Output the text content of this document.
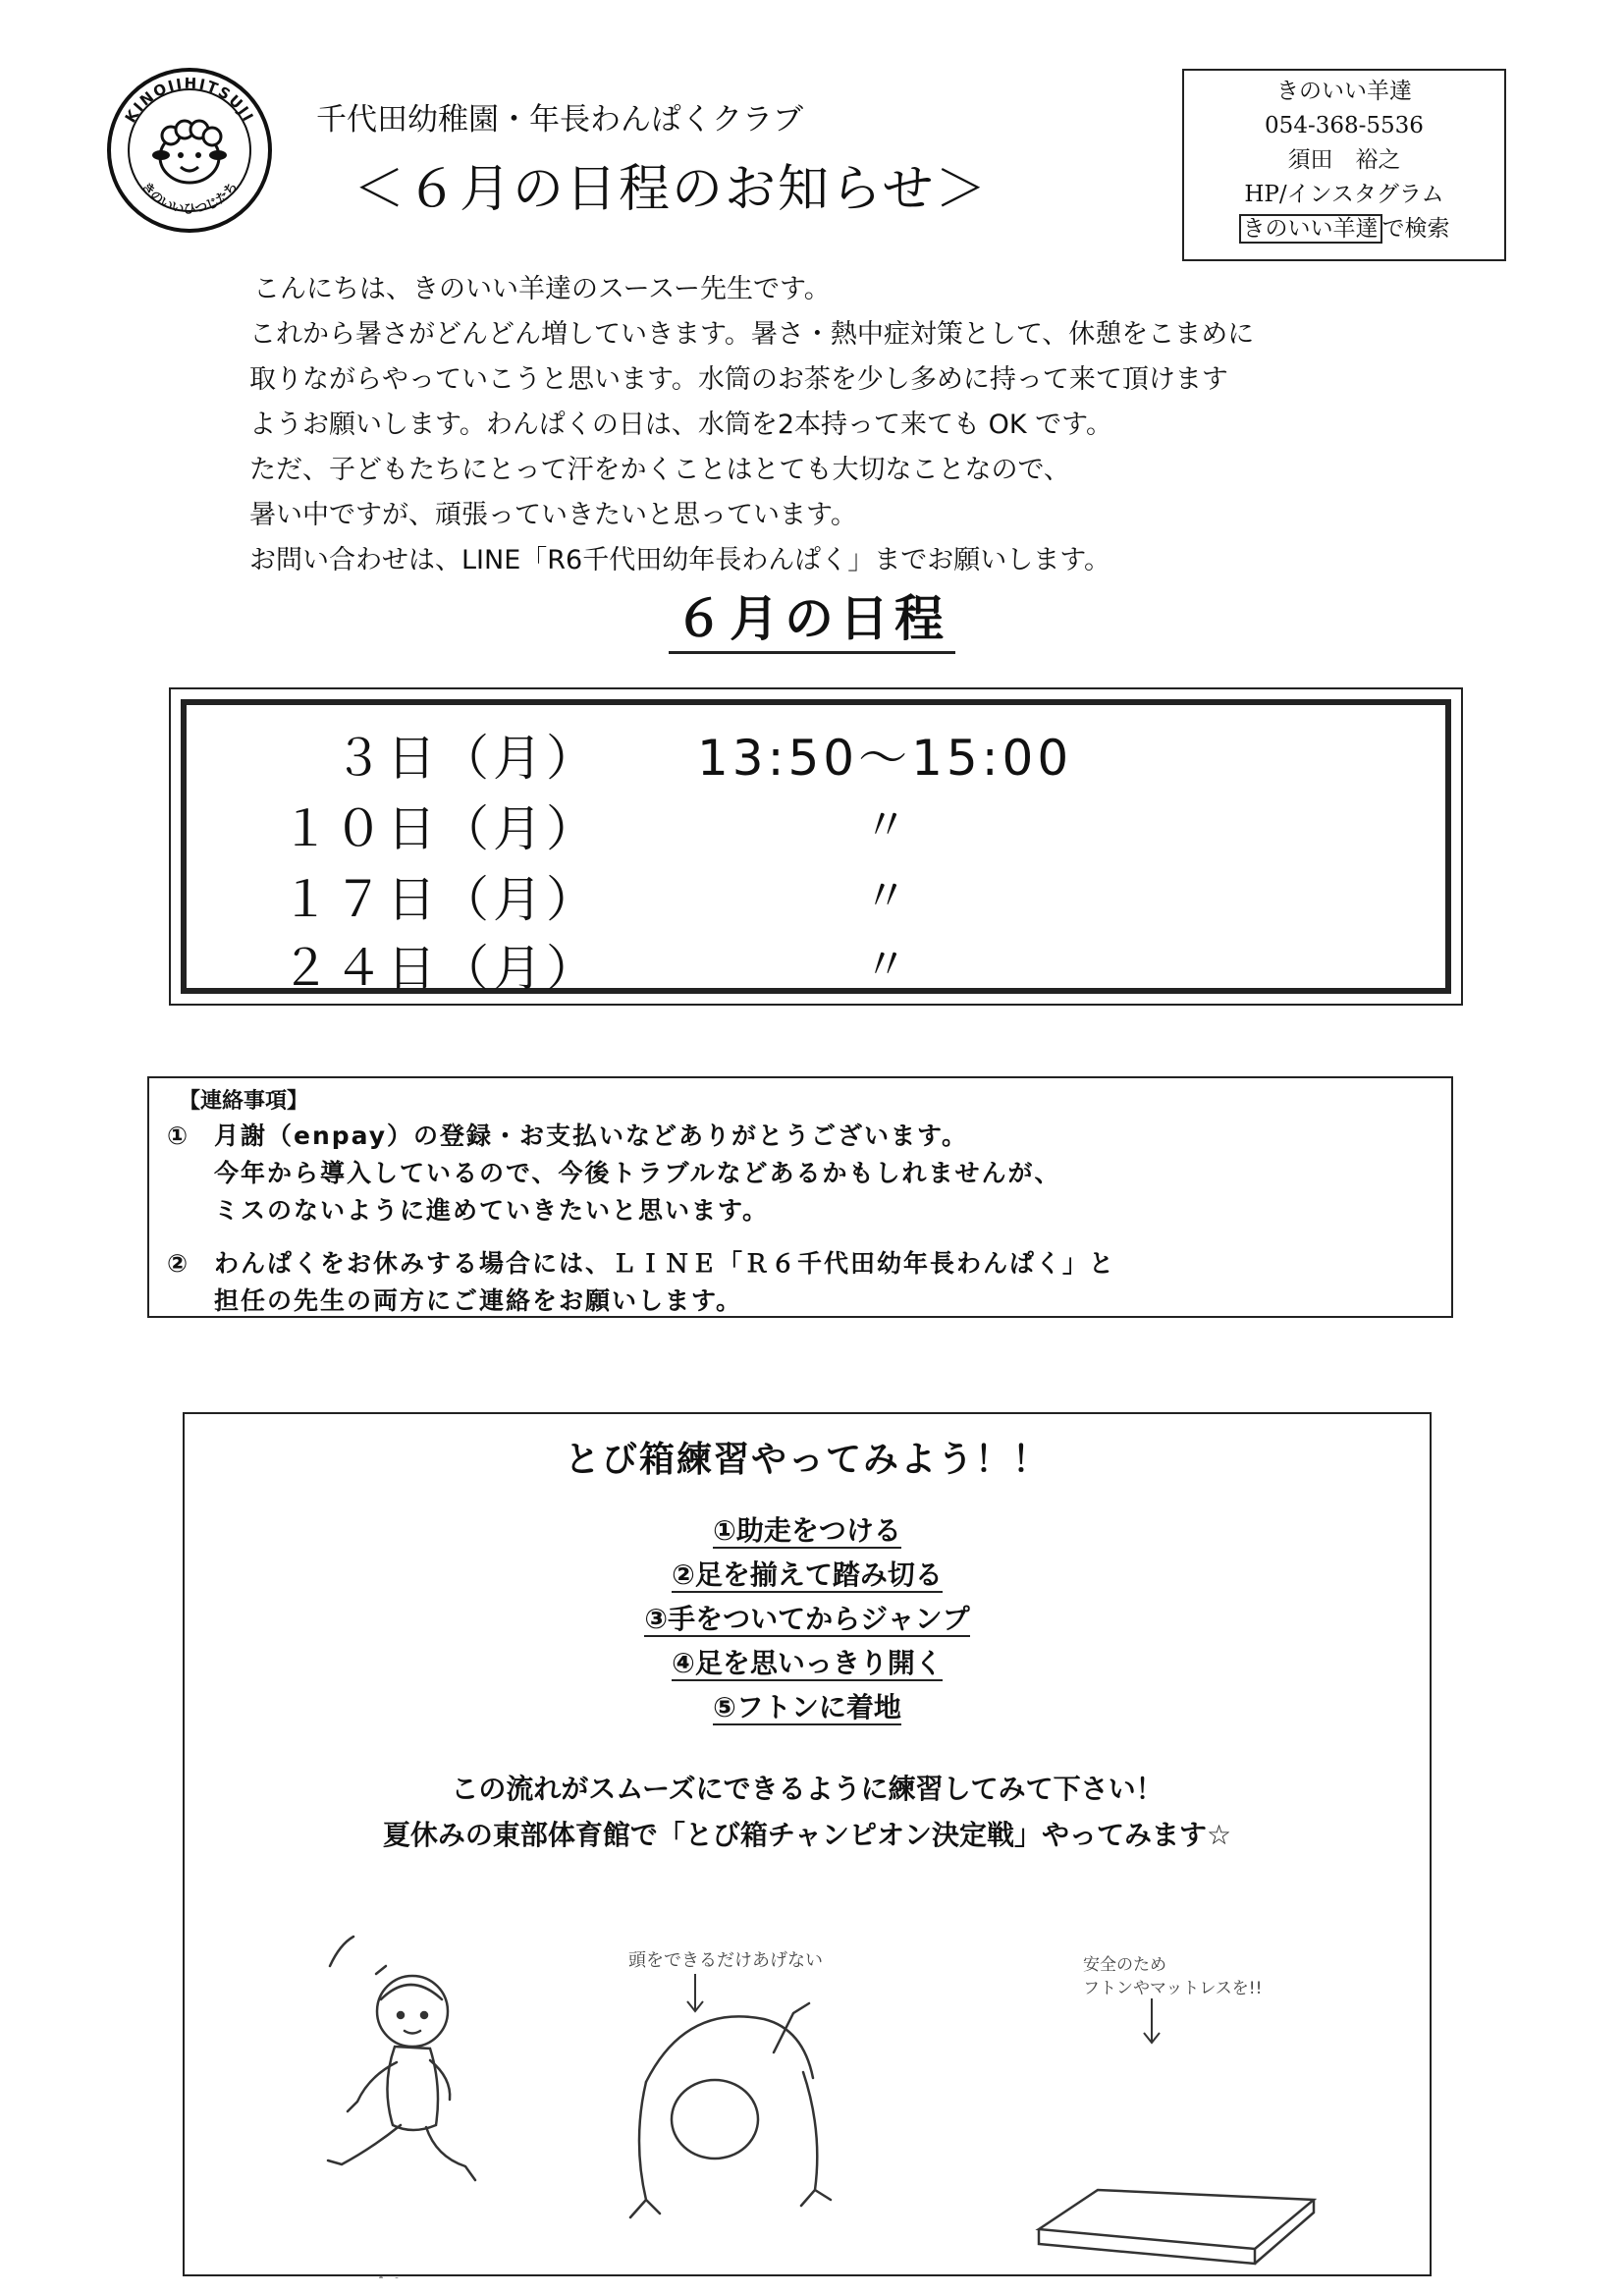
KINOIIHITSUJI
きのいいひつじたち
千代田幼稚園・年長わんぱくクラブ
＜６月の日程のお知らせ＞
きのいい羊達
054-368-5536
須田　裕之
HP/インスタグラム
きのいい羊達 で検索
こんにちは、きのいい羊達のスースー先生です。
これから暑さがどんどん増していきます。暑さ・熱中症対策として、休憩をこまめに
取りながらやっていこうと思います。水筒のお茶を少し多めに持って来て頂けます
ようお願いします。わんぱくの日は、水筒を2本持って来ても OK です。
ただ、子どもたちにとって汗をかくことはとても大切なことなので、
暑い中ですが、頑張っていきたいと思っています。
お問い合わせは、LINE「R6千代田幼年長わんぱく」までお願いします。
６月の日程
３日（月） 13:50～15:00
１０日（月）	〃
１７日（月）	〃
２４日（月）	〃
【連絡事項】
① 月謝（enpay）の登録・お支払いなどありがとうございます。
今年から導入しているので、今後トラブルなどあるかもしれませんが、
ミスのないように進めていきたいと思います。
② わんぱくをお休みする場合には、ＬＩＮＥ「Ｒ６千代田幼年長わんぱく」と
担任の先生の両方にご連絡をお願いします。
とび箱練習やってみよう！！
①助走をつける
②足を揃えて踏み切る
③手をついてからジャンプ
④足を思いっきり開く
⑤フトンに着地
この流れがスムーズにできるように練習してみて下さい！
夏休みの東部体育館で「とび箱チャンピオン決定戦」やってみます☆
頭をできるだけあげない	安全のため
フトンやマットレスを!!
